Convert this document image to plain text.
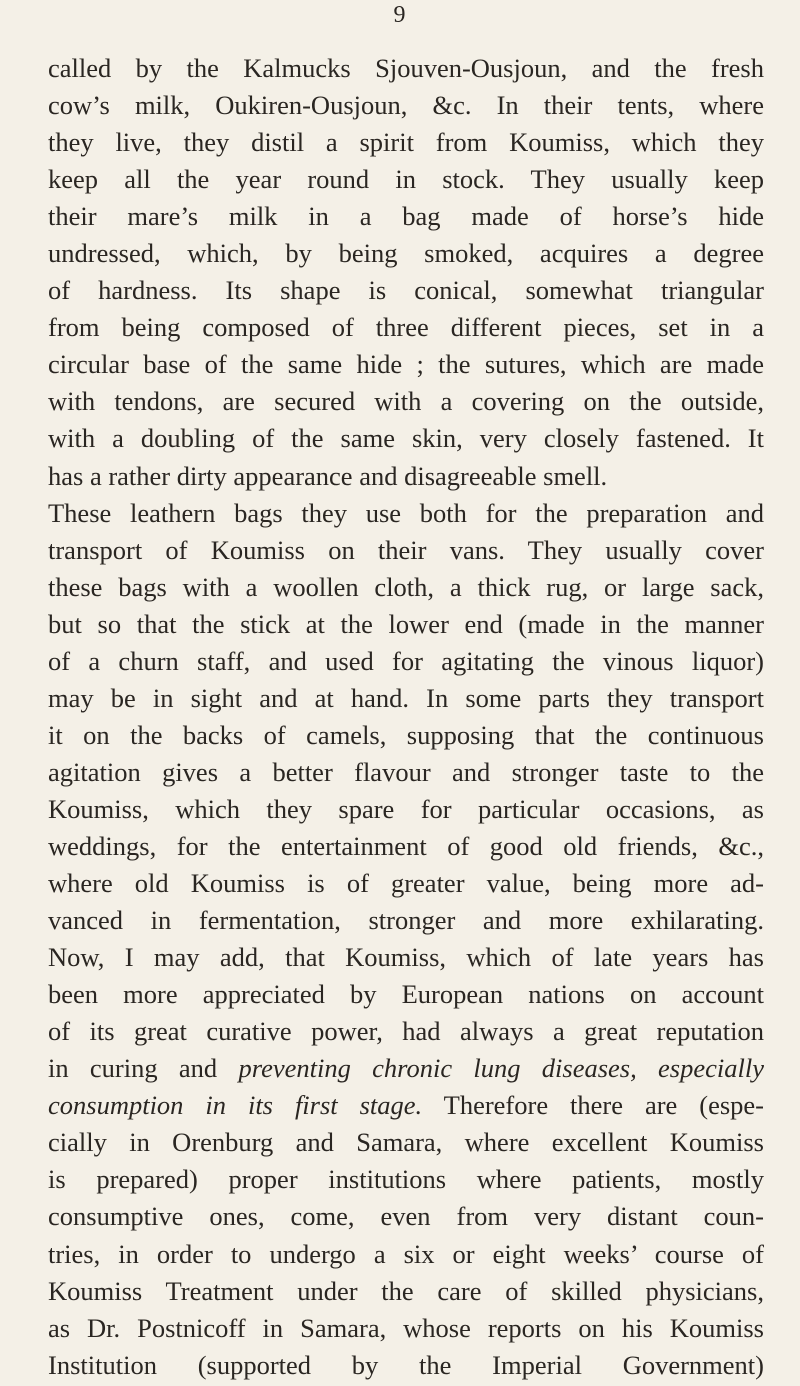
9
called by the Kalmucks Sjouven-Ousjoun, and the fresh
cow’s milk, Oukiren-Ousjoun, &c. In their tents, where
they live, they distil a spirit from Koumiss, which they
keep all the year round in stock. They usually keep
their mare’s milk in a bag made of horse’s hide
undressed, which, by being smoked, acquires a degree
of hardness. Its shape is conical, somewhat triangular
from being composed of three different pieces, set in a
circular base of the same hide ; the sutures, which are made
with tendons, are secured with a covering on the outside,
with a doubling of the same skin, very closely fastened. It
has a rather dirty appearance and disagreeable smell.
These leathern bags they use both for the preparation and
transport of Koumiss on their vans. They usually cover
these bags with a woollen cloth, a thick rug, or large sack,
but so that the stick at the lower end (made in the manner
of a churn staff, and used for agitating the vinous liquor)
may be in sight and at hand. In some parts they transport
it on the backs of camels, supposing that the continuous
agitation gives a better flavour and stronger taste to the
Koumiss, which they spare for particular occasions, as
weddings, for the entertainment of good old friends, &c.,
where old Koumiss is of greater value, being more ad-
vanced in fermentation, stronger and more exhilarating.
Now, I may add, that Koumiss, which of late years has
been more appreciated by European nations on account
of its great curative power, had always a great reputation
in curing and preventing chronic lung diseases, especially
consumption in its first stage. Therefore there are (espe-
cially in Orenburg and Samara, where excellent Koumiss
is prepared) proper institutions where patients, mostly
consumptive ones, come, even from very distant coun-
tries, in order to undergo a six or eight weeks’ course of
Koumiss Treatment under the care of skilled physicians,
as Dr. Postnicoff in Samara, whose reports on his Koumiss
Institution (supported by the Imperial Government)
